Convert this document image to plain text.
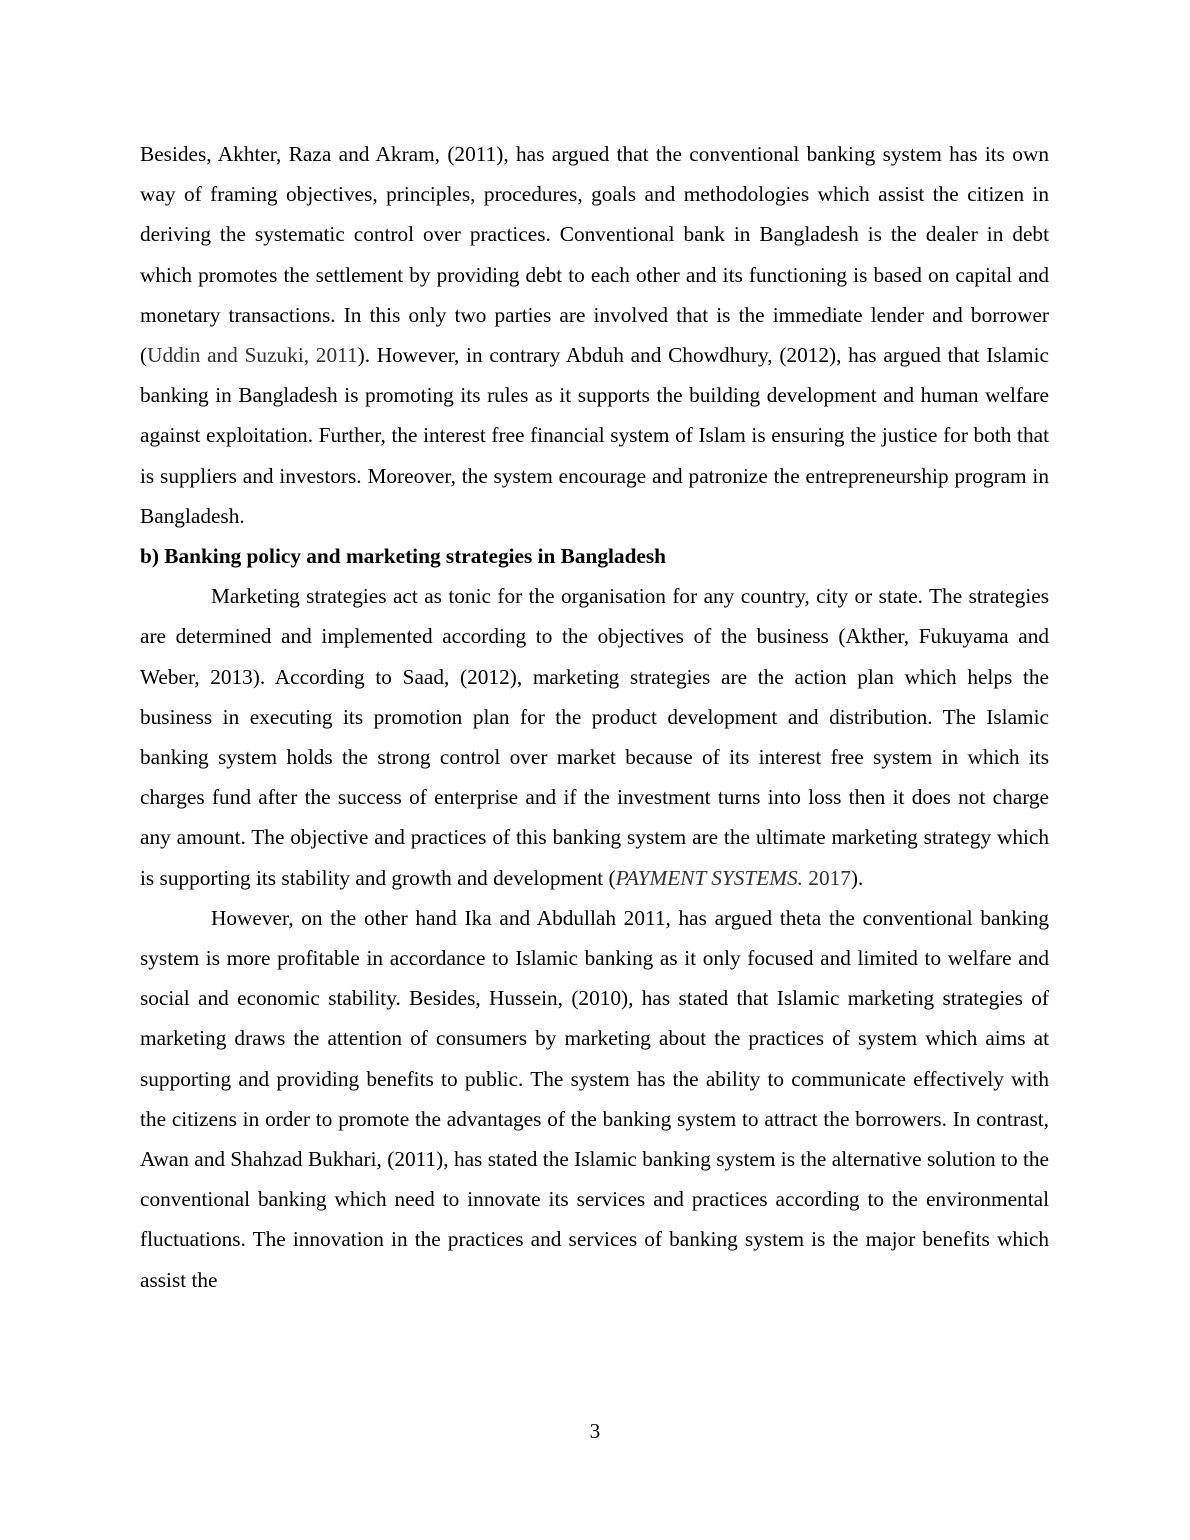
Besides, Akhter, Raza and Akram, (2011), has argued that the conventional banking system has its own way of framing objectives, principles, procedures, goals and methodologies which assist the citizen in deriving the systematic control over practices. Conventional bank in Bangladesh is the dealer in debt which promotes the settlement by providing debt to each other and its functioning is based on capital and monetary transactions. In this only two parties are involved that is the immediate lender and borrower (Uddin and Suzuki, 2011). However, in contrary Abduh and Chowdhury, (2012), has argued that Islamic banking in Bangladesh is promoting its rules as it supports the building development and human welfare against exploitation. Further, the interest free financial system of Islam is ensuring the justice for both that is suppliers and investors. Moreover, the system encourage and patronize the entrepreneurship program in Bangladesh.

b) Banking policy and marketing strategies in Bangladesh

Marketing strategies act as tonic for the organisation for any country, city or state. The strategies are determined and implemented according to the objectives of the business (Akther, Fukuyama and Weber, 2013). According to Saad, (2012), marketing strategies are the action plan which helps the business in executing its promotion plan for the product development and distribution. The Islamic banking system holds the strong control over market because of its interest free system in which its charges fund after the success of enterprise and if the investment turns into loss then it does not charge any amount. The objective and practices of this banking system are the ultimate marketing strategy which is supporting its stability and growth and development (PAYMENT SYSTEMS. 2017).

However, on the other hand Ika and Abdullah 2011, has argued theta the conventional banking system is more profitable in accordance to Islamic banking as it only focused and limited to welfare and social and economic stability. Besides, Hussein, (2010), has stated that Islamic marketing strategies of marketing draws the attention of consumers by marketing about the practices of system which aims at supporting and providing benefits to public. The system has the ability to communicate effectively with the citizens in order to promote the advantages of the banking system to attract the borrowers. In contrast, Awan and Shahzad Bukhari, (2011), has stated the Islamic banking system is the alternative solution to the conventional banking which need to innovate its services and practices according to the environmental fluctuations. The innovation in the practices and services of banking system is the major benefits which assist the

3
